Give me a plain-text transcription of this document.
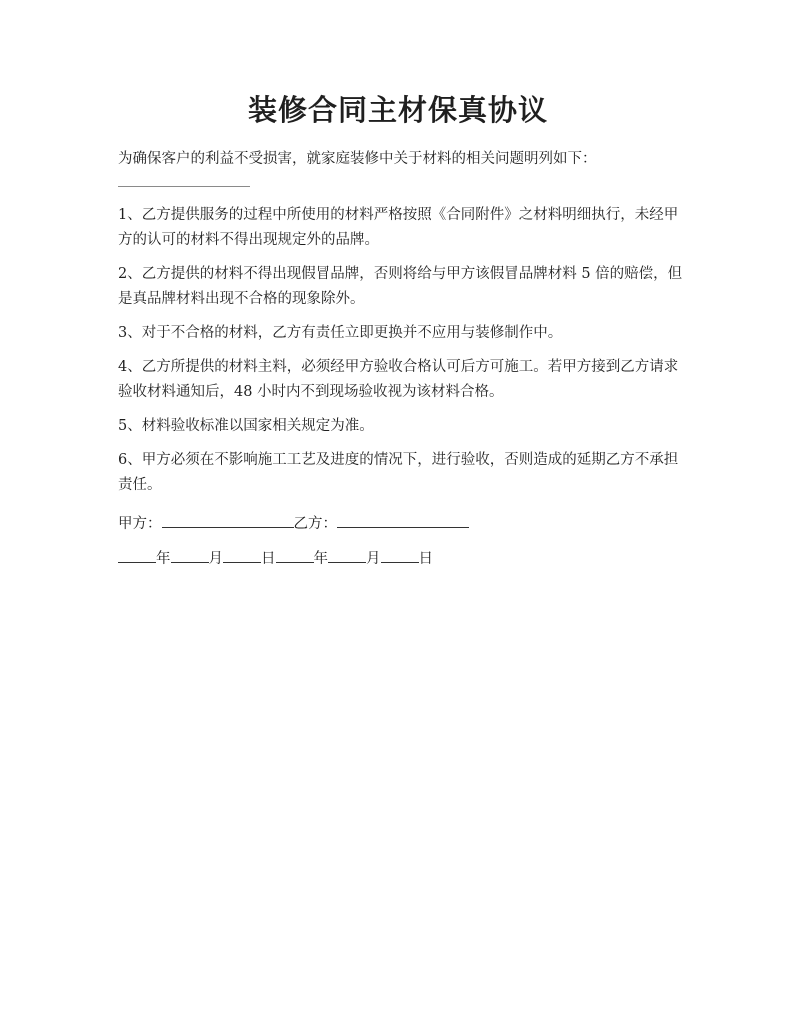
装修合同主材保真协议

为确保客户的利益不受损害，就家庭装修中关于材料的相关问题明列如下：

1、乙方提供服务的过程中所使用的材料严格按照《合同附件》之材料明细执行，未经甲方的认可的材料不得出现规定外的品牌。

2、乙方提供的材料不得出现假冒品牌，否则将给与甲方该假冒品牌材料 5 倍的赔偿，但是真品牌材料出现不合格的现象除外。

3、对于不合格的材料，乙方有责任立即更换并不应用与装修制作中。

4、乙方所提供的材料主料，必须经甲方验收合格认可后方可施工。若甲方接到乙方请求验收材料通知后，48 小时内不到现场验收视为该材料合格。

5、材料验收标准以国家相关规定为准。

6、甲方必须在不影响施工工艺及进度的情况下，进行验收，否则造成的延期乙方不承担责任。

甲方：	乙方：
年	月	日	年	月	日
